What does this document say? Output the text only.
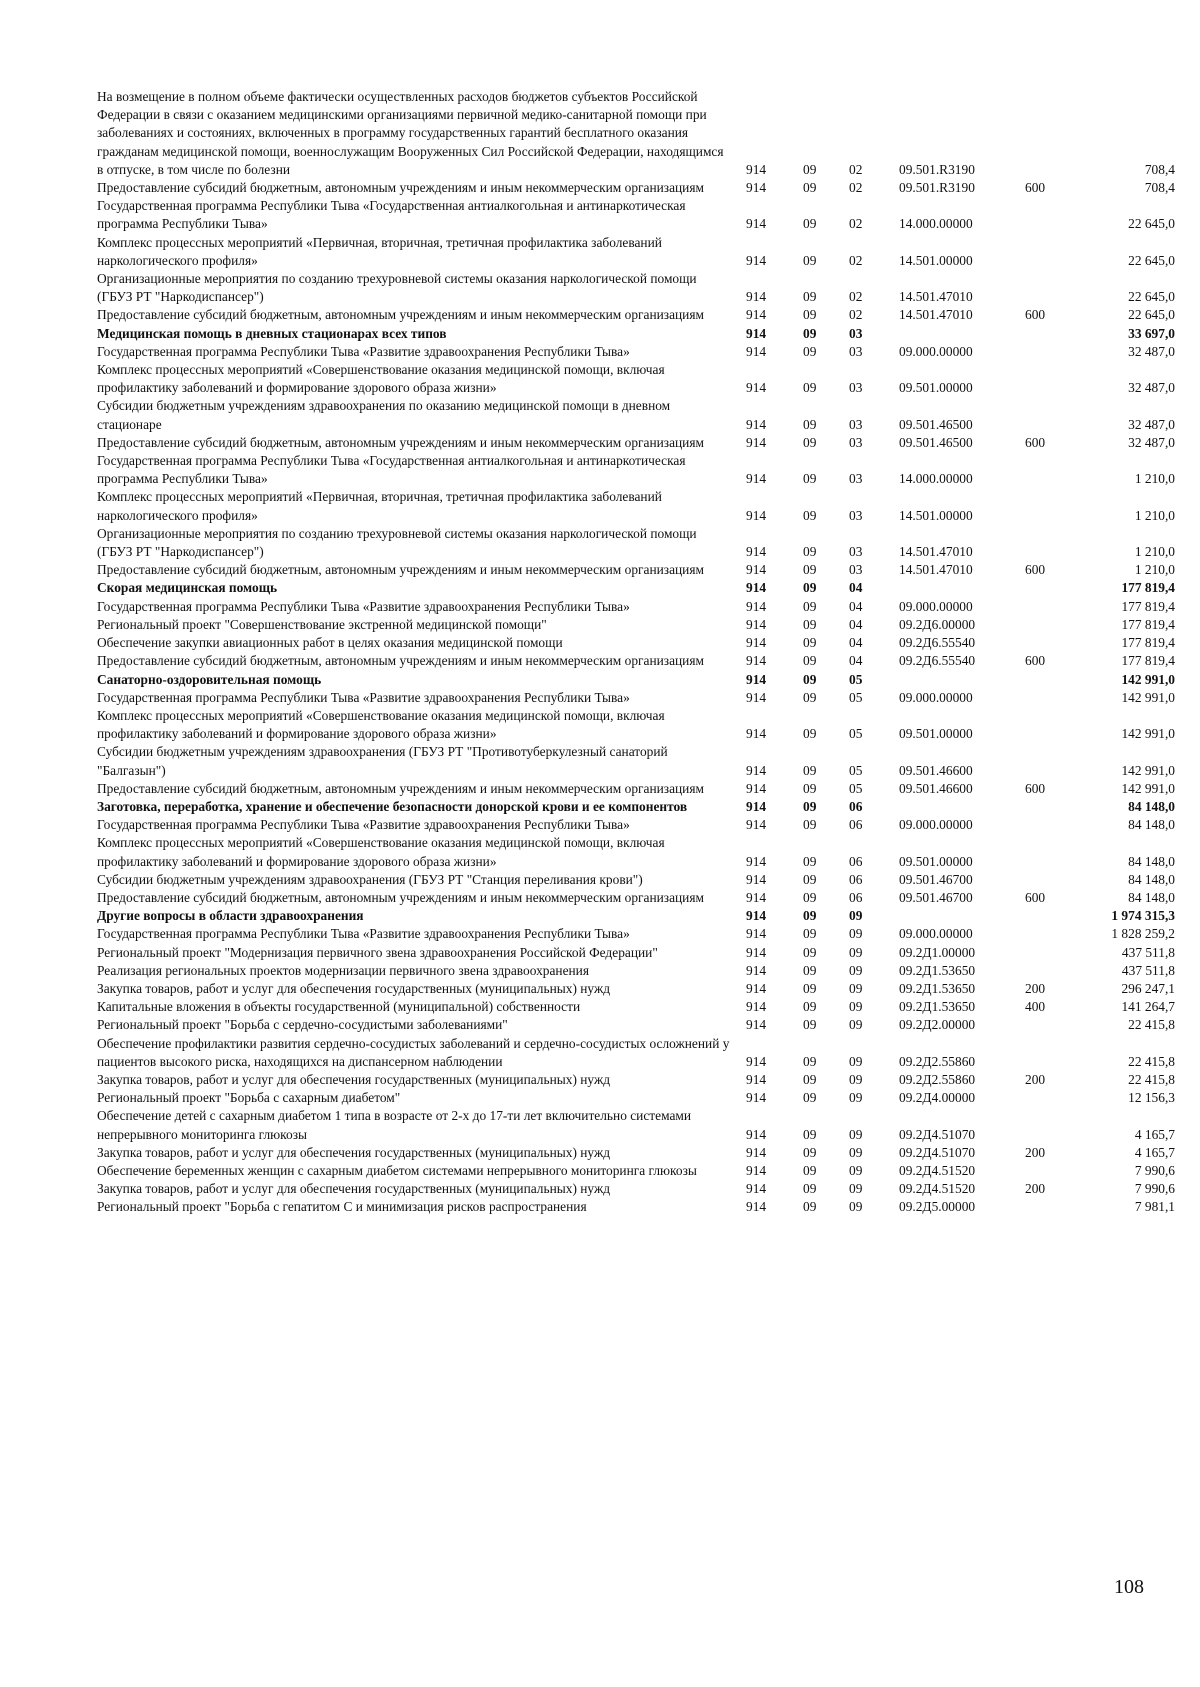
На возмещение в полном объеме фактически осуществленных расходов бюджетов субъектов Российской Федерации в связи с оказанием медицинскими организациями первичной медико-санитарной помощи при заболеваниях и состояниях, включенных в программу государственных гарантий бесплатного оказания гражданам медицинской помощи, военнослужащим Вооруженных Сил Российской Федерации, находящимся в отпуске, в том числе по болезни	914	09	02	09.501.R3190		708,4
Предоставление субсидий бюджетным, автономным учреждениям и иным некоммерческим организациям	914	09	02	09.501.R3190	600	708,4
Государственная программа Республики Тыва «Государственная антиалкогольная и антинаркотическая программа Республики Тыва»	914	09	02	14.000.00000		22 645,0
Комплекс процессных мероприятий «Первичная, вторичная, третичная профилактика заболеваний наркологического профиля»	914	09	02	14.501.00000		22 645,0
Организационные мероприятия по созданию трехуровневой системы оказания наркологической помощи (ГБУЗ РТ "Наркодиспансер")	914	09	02	14.501.47010		22 645,0
Предоставление субсидий бюджетным, автономным учреждениям и иным некоммерческим организациям	914	09	02	14.501.47010	600	22 645,0
Медицинская помощь в дневных стационарах всех типов	914	09	03			33 697,0
Государственная программа Республики Тыва «Развитие здравоохранения Республики Тыва»	914	09	03	09.000.00000		32 487,0
Комплекс процессных мероприятий «Совершенствование оказания медицинской помощи, включая профилактику заболеваний и формирование здорового образа жизни»	914	09	03	09.501.00000		32 487,0
Субсидии бюджетным учреждениям здравоохранения по оказанию медицинской помощи в дневном стационаре	914	09	03	09.501.46500		32 487,0
Предоставление субсидий бюджетным, автономным учреждениям и иным некоммерческим организациям	914	09	03	09.501.46500	600	32 487,0
Государственная программа Республики Тыва «Государственная антиалкогольная и антинаркотическая программа Республики Тыва»	914	09	03	14.000.00000		1 210,0
Комплекс процессных мероприятий «Первичная, вторичная, третичная профилактика заболеваний наркологического профиля»	914	09	03	14.501.00000		1 210,0
Организационные мероприятия по созданию трехуровневой системы оказания наркологической помощи (ГБУЗ РТ "Наркодиспансер")	914	09	03	14.501.47010		1 210,0
Предоставление субсидий бюджетным, автономным учреждениям и иным некоммерческим организациям	914	09	03	14.501.47010	600	1 210,0
Скорая медицинская помощь	914	09	04			177 819,4
Государственная программа Республики Тыва «Развитие здравоохранения Республики Тыва»	914	09	04	09.000.00000		177 819,4
Региональный проект "Совершенствование экстренной медицинской помощи"	914	09	04	09.2Д6.00000		177 819,4
Обеспечение закупки авиационных работ в целях оказания медицинской помощи	914	09	04	09.2Д6.55540		177 819,4
Предоставление субсидий бюджетным, автономным учреждениям и иным некоммерческим организациям	914	09	04	09.2Д6.55540	600	177 819,4
Санаторно-оздоровительная помощь	914	09	05			142 991,0
Государственная программа Республики Тыва «Развитие здравоохранения Республики Тыва»	914	09	05	09.000.00000		142 991,0
Комплекс процессных мероприятий «Совершенствование оказания медицинской помощи, включая профилактику заболеваний и формирование здорового образа жизни»	914	09	05	09.501.00000		142 991,0
Субсидии бюджетным учреждениям здравоохранения (ГБУЗ РТ "Противотуберкулезный санаторий "Балгазын")	914	09	05	09.501.46600		142 991,0
Предоставление субсидий бюджетным, автономным учреждениям и иным некоммерческим организациям	914	09	05	09.501.46600	600	142 991,0
Заготовка, переработка, хранение и обеспечение безопасности донорской крови и ее компонентов	914	09	06			84 148,0
Государственная программа Республики Тыва «Развитие здравоохранения Республики Тыва»	914	09	06	09.000.00000		84 148,0
Комплекс процессных мероприятий «Совершенствование оказания медицинской помощи, включая профилактику заболеваний и формирование здорового образа жизни»	914	09	06	09.501.00000		84 148,0
Субсидии бюджетным учреждениям здравоохранения (ГБУЗ РТ "Станция переливания крови")	914	09	06	09.501.46700		84 148,0
Предоставление субсидий бюджетным, автономным учреждениям и иным некоммерческим организациям	914	09	06	09.501.46700	600	84 148,0
Другие вопросы в области здравоохранения	914	09	09			1 974 315,3
Государственная программа Республики Тыва «Развитие здравоохранения Республики Тыва»	914	09	09	09.000.00000		1 828 259,2
Региональный проект "Модернизация первичного звена здравоохранения Российской Федерации"	914	09	09	09.2Д1.00000		437 511,8
Реализация региональных проектов модернизации первичного звена здравоохранения	914	09	09	09.2Д1.53650		437 511,8
Закупка товаров, работ и услуг для обеспечения государственных (муниципальных) нужд	914	09	09	09.2Д1.53650	200	296 247,1
Капитальные вложения в объекты государственной (муниципальной) собственности	914	09	09	09.2Д1.53650	400	141 264,7
Региональный проект "Борьба с сердечно-сосудистыми заболеваниями"	914	09	09	09.2Д2.00000		22 415,8
Обеспечение профилактики развития сердечно-сосудистых заболеваний и сердечно-сосудистых осложнений у пациентов высокого риска, находящихся на диспансерном наблюдении	914	09	09	09.2Д2.55860		22 415,8
Закупка товаров, работ и услуг для обеспечения государственных (муниципальных) нужд	914	09	09	09.2Д2.55860	200	22 415,8
Региональный проект "Борьба с сахарным диабетом"	914	09	09	09.2Д4.00000		12 156,3
Обеспечение детей с сахарным диабетом 1 типа в возрасте от 2-х до 17-ти лет включительно системами непрерывного мониторинга глюкозы	914	09	09	09.2Д4.51070		4 165,7
Закупка товаров, работ и услуг для обеспечения государственных (муниципальных) нужд	914	09	09	09.2Д4.51070	200	4 165,7
Обеспечение беременных женщин с сахарным диабетом системами непрерывного мониторинга глюкозы	914	09	09	09.2Д4.51520		7 990,6
Закупка товаров, работ и услуг для обеспечения государственных (муниципальных) нужд	914	09	09	09.2Д4.51520	200	7 990,6
Региональный проект "Борьба с гепатитом С и минимизация рисков распространения	914	09	09	09.2Д5.00000		7 981,1
108
